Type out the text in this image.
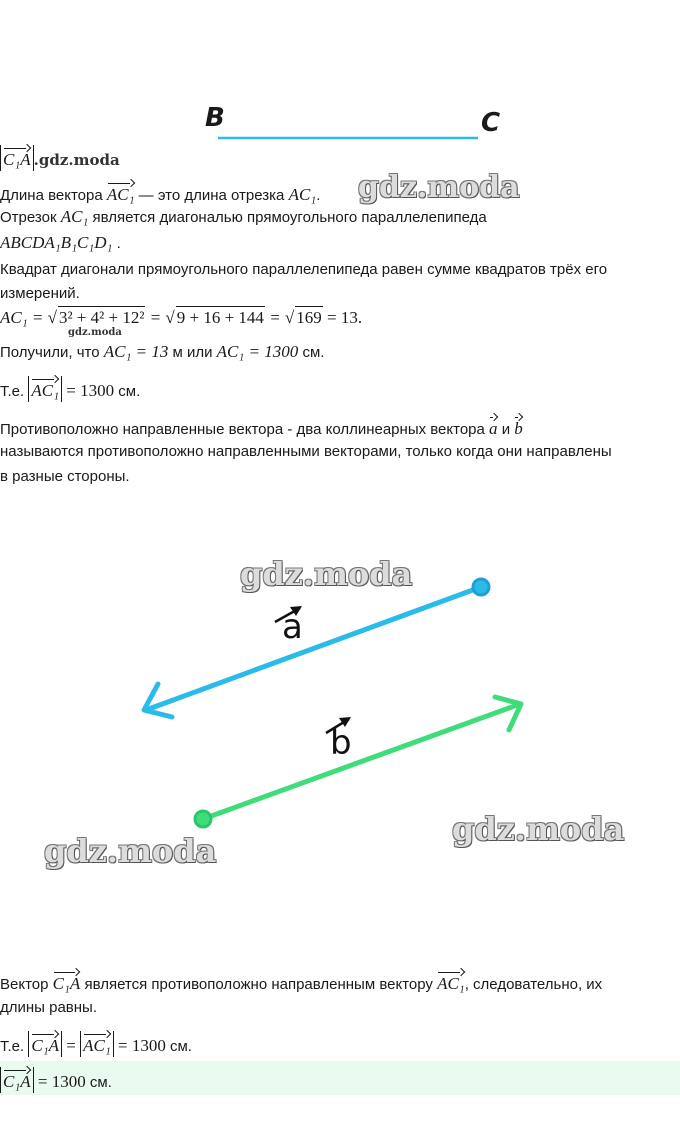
B	C
C₁A .gdz.moda
Длина вектора AC₁ — это длина отрезка AC₁. gdz.moda
Отрезок AC₁ является диагональю прямоугольного параллелепипеда
ABCDA₁B₁C₁D₁ .
Квадрат диагонали прямоугольного параллелепипеда равен сумме квадратов трёх его
измерений.
AC₁ = √ 3² + 4² + 12² = √ 9 + 16 + 144 = √ 169 = 13.
gdz.moda
Получили, что AC₁ = 13 м или AC₁ = 1300 см.
Т.е. AC₁ = 1300 см.
Противоположно направленные вектора - два коллинеарных вектора a и b
называются противоположно направленными векторами, только когда они направлены
в разные стороны.
a
b
gdz.moda
gdz.moda
gdz.moda
Вектор C₁A является противоположно направленным вектору AC₁, следовательно, их
длины равны.
Т.е. C₁A = AC₁ = 1300 см.
C₁A = 1300 см.
